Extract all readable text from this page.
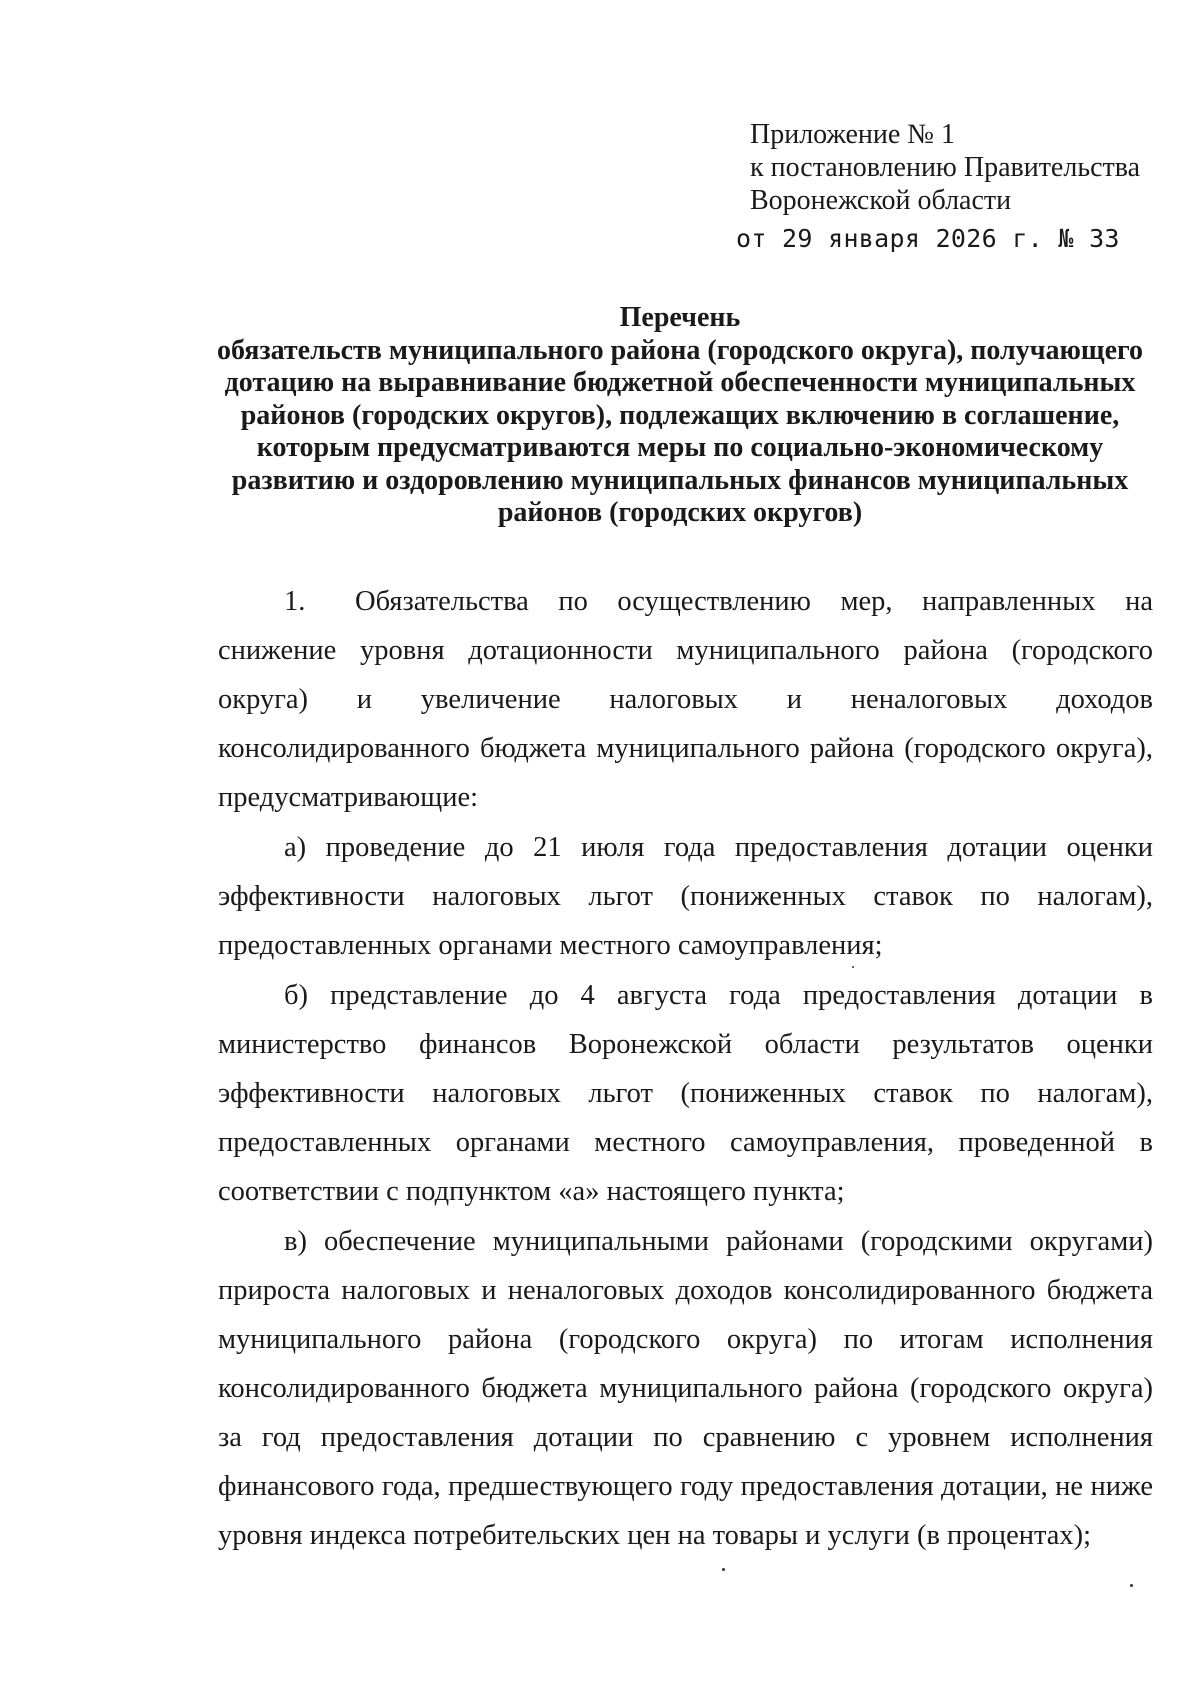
Приложение № 1
к постановлению Правительства
Воронежской области
от 29 января 2026 г. № 33
Перечень
обязательств муниципального района (городского округа), получающего
дотацию на выравнивание бюджетной обеспеченности муниципальных
районов (городских округов), подлежащих включению в соглашение,
которым предусматриваются меры по социально-экономическому
развитию и оздоровлению муниципальных финансов муниципальных
районов (городских округов)

1. Обязательства по осуществлению мер, направленных на снижение уровня дотационности муниципального района (городского округа) и увеличение налоговых и неналоговых доходов консолидированного бюджета муниципального района (городского округа), предусматривающие:

а) проведение до 21 июля года предоставления дотации оценки эффективности налоговых льгот (пониженных ставок по налогам), предоставленных органами местного самоуправления;

б) представление до 4 августа года предоставления дотации в министерство финансов Воронежской области результатов оценки эффективности налоговых льгот (пониженных ставок по налогам), предоставленных органами местного самоуправления, проведенной в соответствии с подпунктом «а» настоящего пункта;

в) обеспечение муниципальными районами (городскими округами) прироста налоговых и неналоговых доходов консолидированного бюджета муниципального района (городского округа) по итогам исполнения консолидированного бюджета муниципального района (городского округа) за год предоставления дотации по сравнению с уровнем исполнения финансового года, предшествующего году предоставления дотации, не ниже уровня индекса потребительских цен на товары и услуги (в процентах);
